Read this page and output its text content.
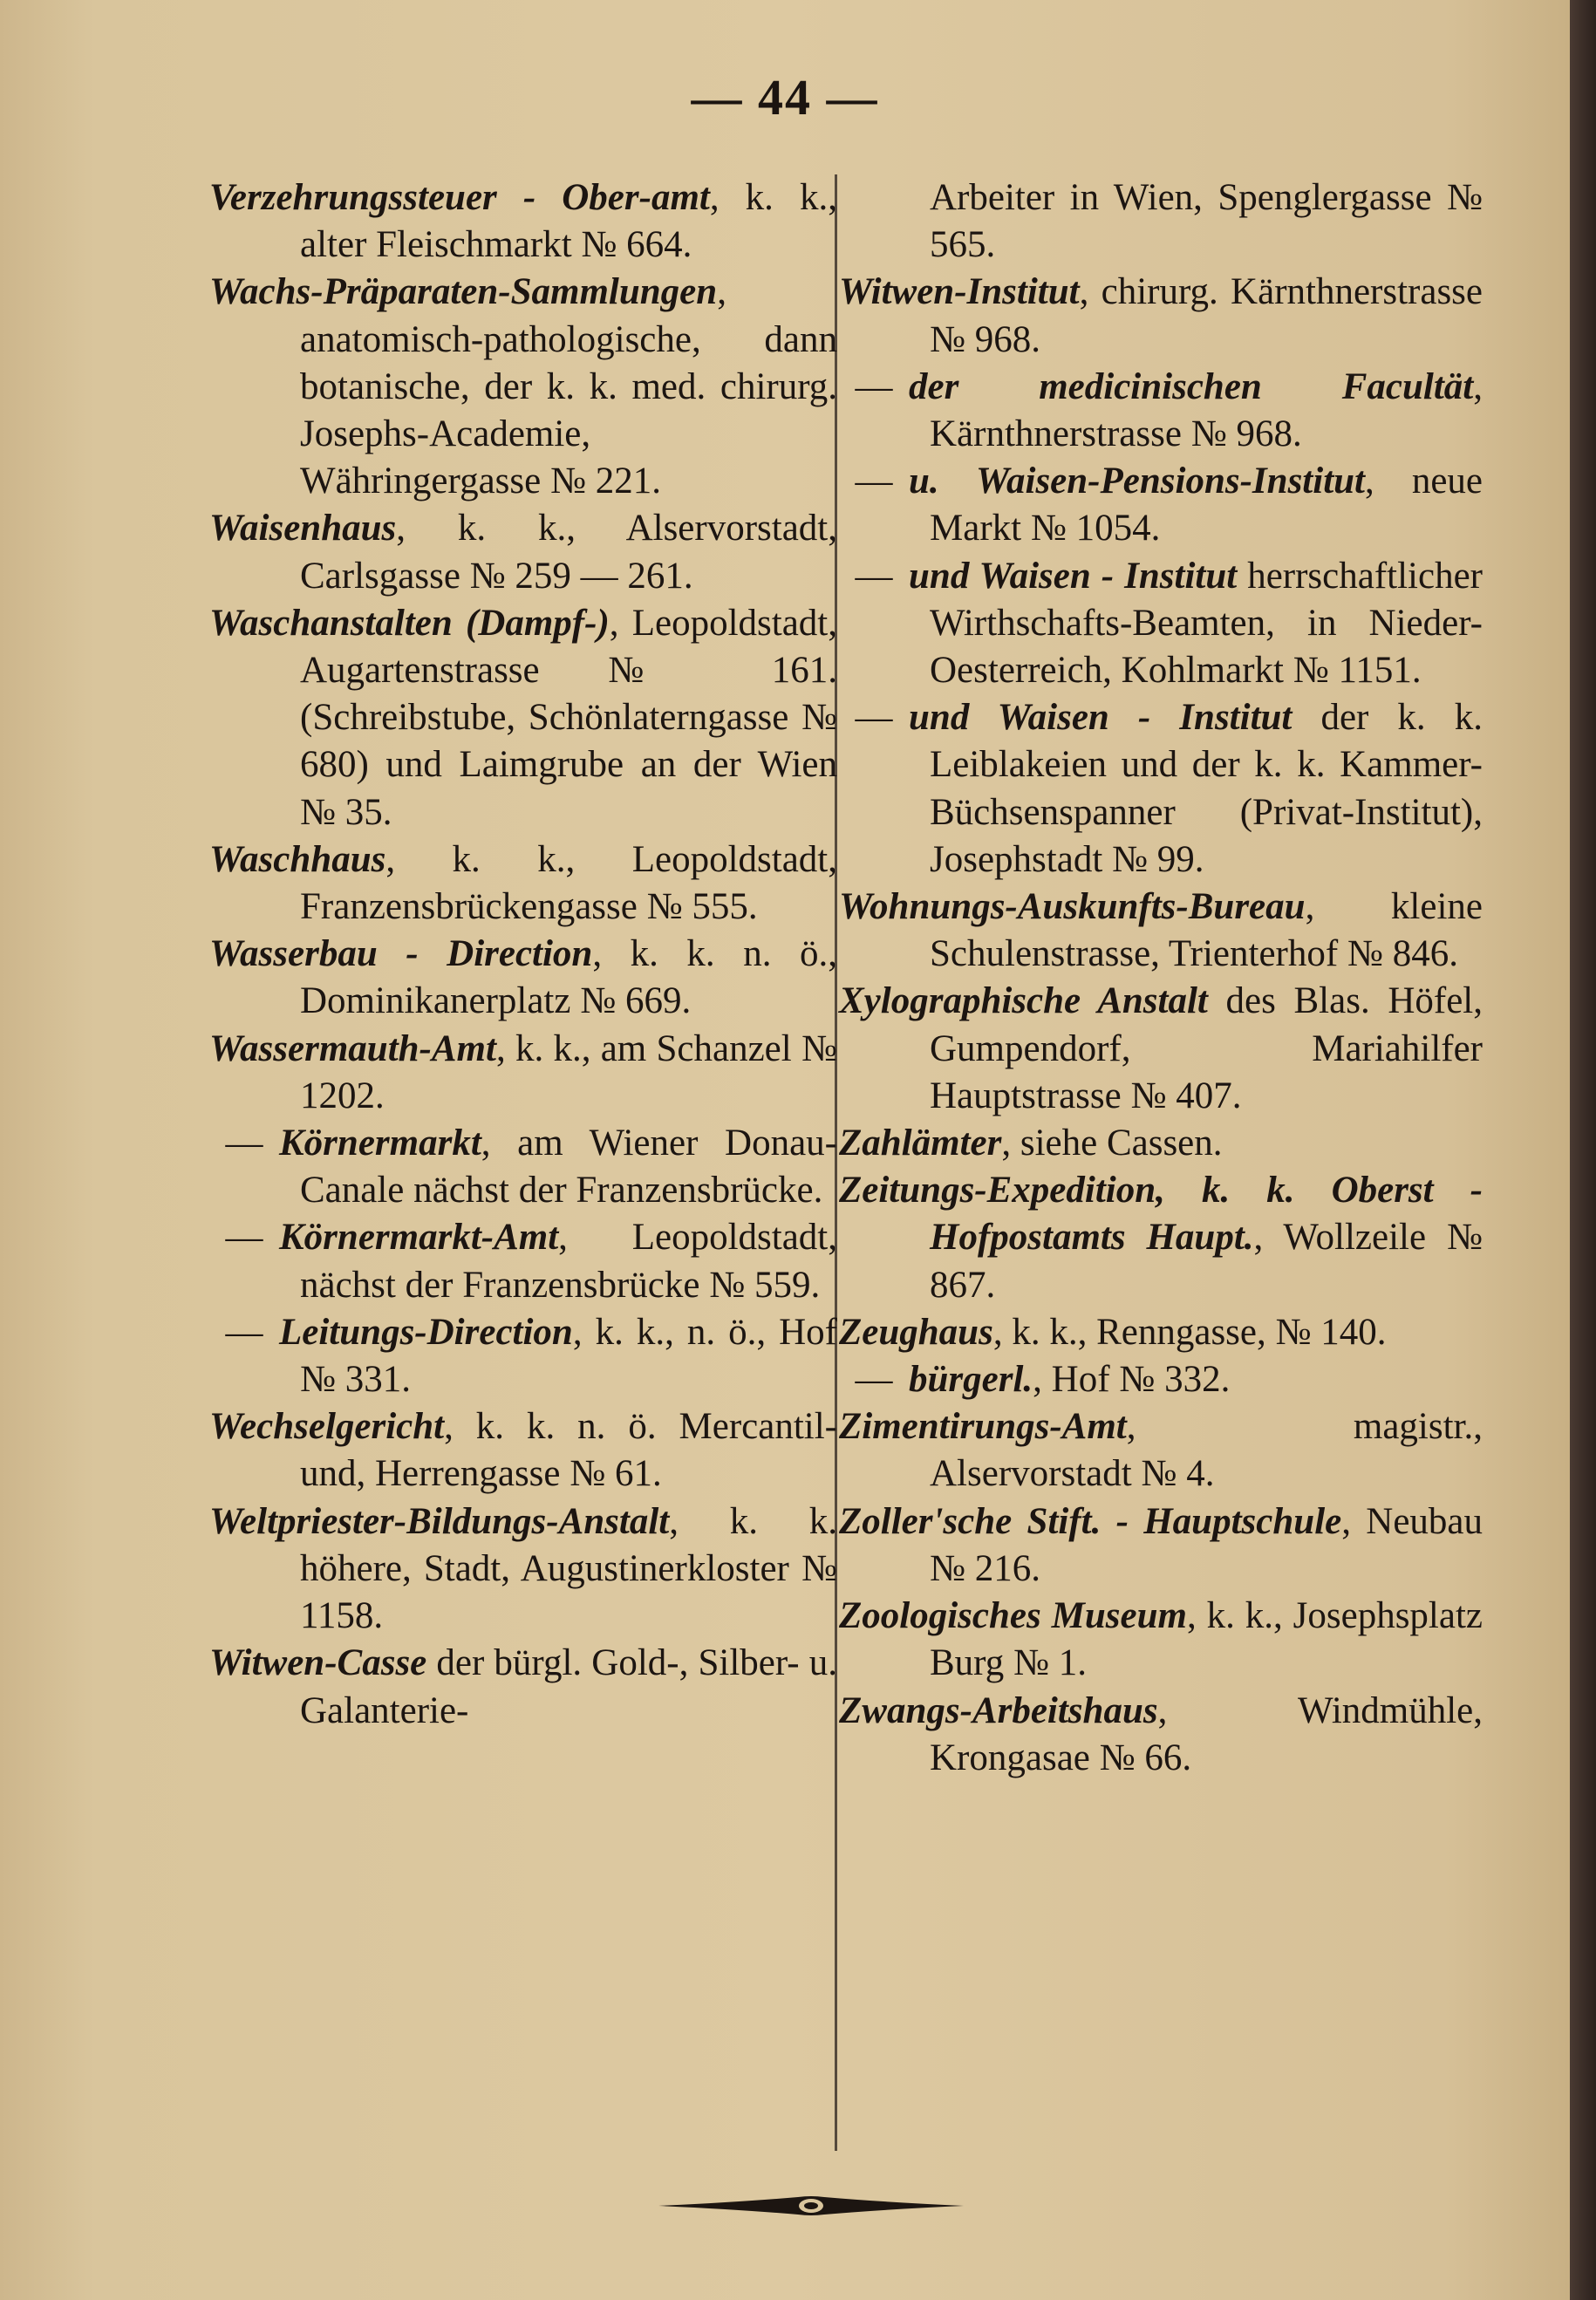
— 44 —

Verzehrungssteuer - Ober-amt, k. k., alter Fleischmarkt № 664.

Wachs-Präparaten-Sammlungen, anatomisch-pathologische, dann botanische, der k. k. med. chirurg. Josephs-Academie, Währingergasse № 221.

Waisenhaus, k. k., Alservorstadt, Carlsgasse № 259 — 261.

Waschanstalten (Dampf-), Leopoldstadt, Augartenstrasse № 161. (Schreibstube, Schönlaterngasse № 680) und Laimgrube an der Wien № 35.

Waschhaus, k. k., Leopoldstadt, Franzensbrückengasse № 555.

Wasserbau - Direction, k. k. n. ö., Dominikanerplatz № 669.

Wassermauth-Amt, k. k., am Schanzel № 1202.

— Körnermarkt, am Wiener Donau-Canale nächst der Franzensbrücke.

— Körnermarkt-Amt, Leopoldstadt, nächst der Franzensbrücke № 559.

— Leitungs-Direction, k. k., n. ö., Hof № 331.

Wechselgericht, k. k. n. ö. Mercantil- und, Herrengasse № 61.

Weltpriester-Bildungs-Anstalt, k. k. höhere, Stadt, Augustinerkloster № 1158.

Witwen-Casse der bürgl. Gold-, Silber- u. Galanterie-

Arbeiter in Wien, Spenglergasse № 565.

Witwen-Institut, chirurg. Kärnthnerstrasse № 968.

— der medicinischen Facultät, Kärnthnerstrasse № 968.

— u. Waisen-Pensions-Institut, neue Markt № 1054.

— und Waisen - Institut herrschaftlicher Wirthschafts-Beamten, in Nieder-Oesterreich, Kohlmarkt № 1151.

— und Waisen - Institut der k. k. Leiblakeien und der k. k. Kammer-Büchsenspanner (Privat-Institut), Josephstadt № 99.

Wohnungs-Auskunfts-Bureau, kleine Schulenstrasse, Trienterhof № 846.

Xylographische Anstalt des Blas. Höfel, Gumpendorf, Mariahilfer Hauptstrasse № 407.

Zahlämter, siehe Cassen.

Zeitungs-Expedition, k. k. Oberst - Hofpostamts Haupt., Wollzeile № 867.

Zeughaus, k. k., Renngasse, № 140.

— bürgerl., Hof № 332.

Zimentirungs-Amt, magistr., Alservorstadt № 4.

Zoller'sche Stift. - Hauptschule, Neubau № 216.

Zoologisches Museum, k. k., Josephsplatz Burg № 1.

Zwangs-Arbeitshaus, Windmühle, Krongasae № 66.
